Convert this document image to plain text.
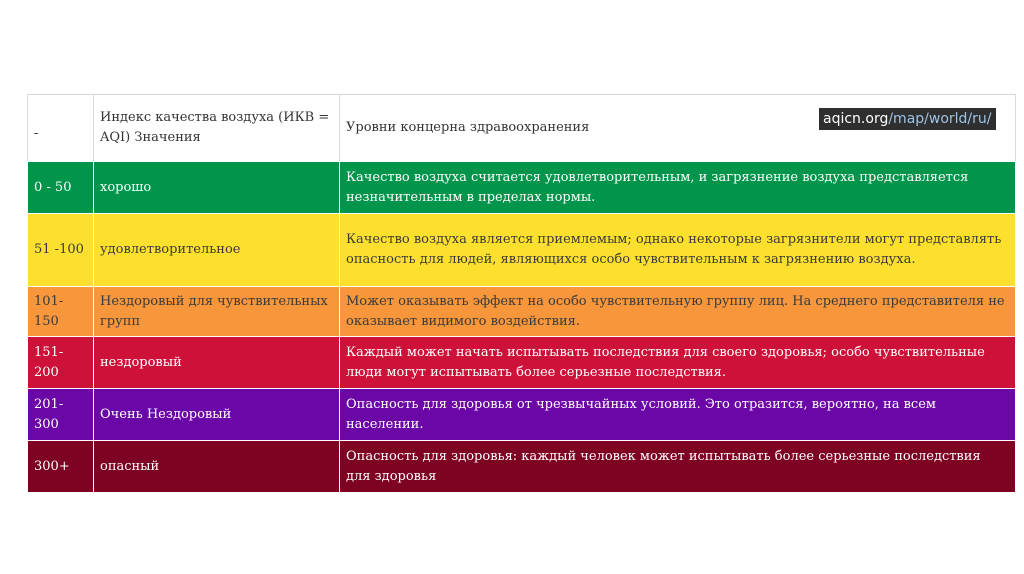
-	Индекс качества воздуха (ИКВ = AQI) Значения	Уровни концерна здравоохранения
0 - 50	хорошо	Качество воздуха считается удовлетворительным, и загрязнение воздуха представляется незначительным в пределах нормы.
51 -100	удовлетворительное	Качество воздуха является приемлемым; однако некоторые загрязнители могут представлять опасность для людей, являющихся особо чувствительным к загрязнению воздуха.
101-150	Нездоровый для чувствительных групп	Может оказывать эффект на особо чувствительную группу лиц. На среднего представителя не оказывает видимого воздействия.
151-200	нездоровый	Каждый может начать испытывать последствия для своего здоровья; особо чувствительные люди могут испытывать более серьезные последствия.
201-300	Очень Нездоровый	Опасность для здоровья от чрезвычайных условий. Это отразится, вероятно, на всем населении.
300+	опасный	Опасность для здоровья: каждый человек может испытывать более серьезные последствия для здоровья
aqicn.org/map/world/ru/
